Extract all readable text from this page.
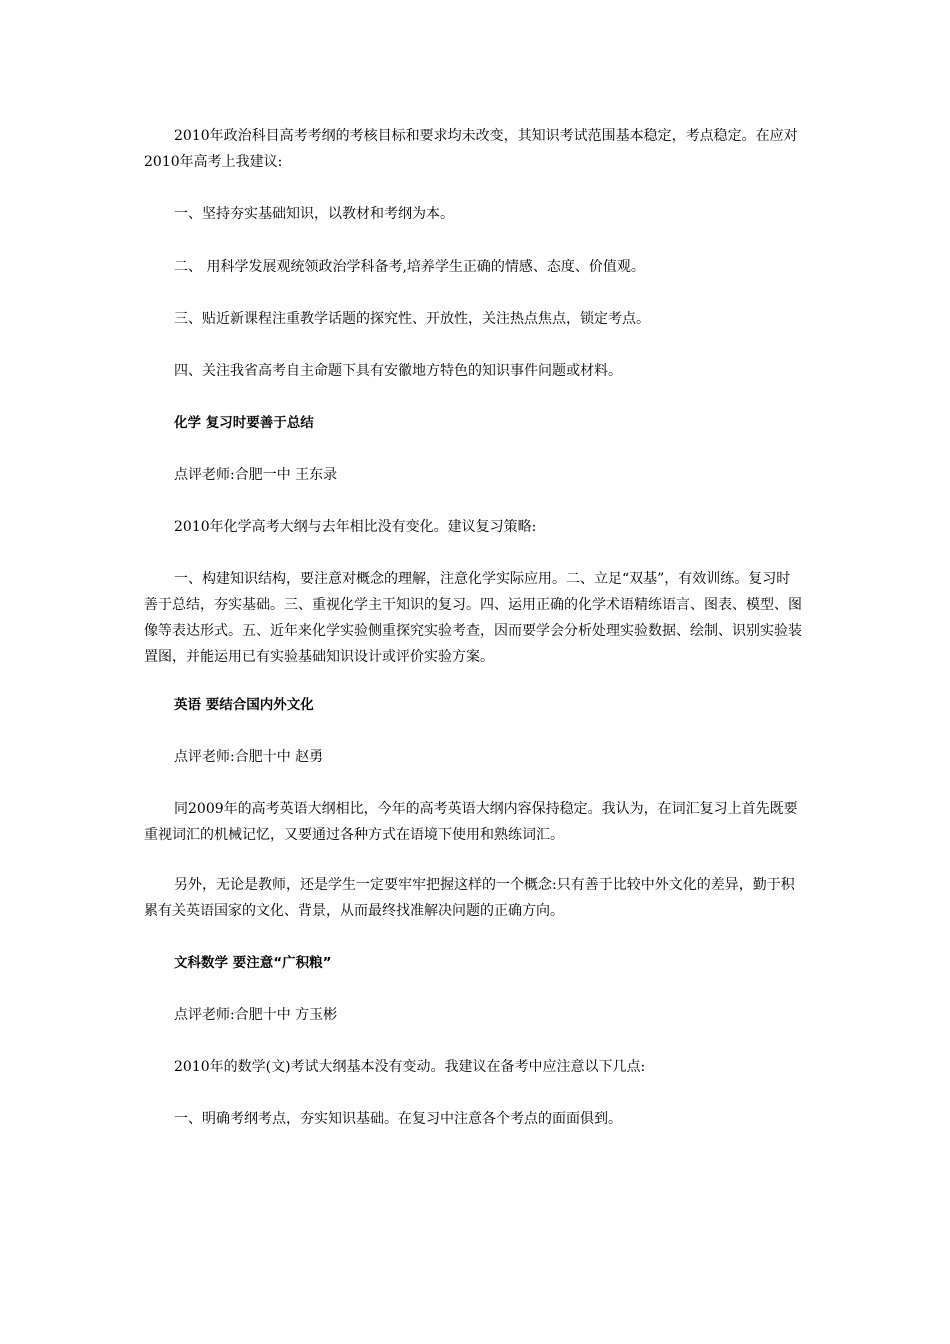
2010年政治科目高考考纲的考核目标和要求均未改变，其知识考试范围基本稳定，考点稳定。在应对2010年高考上我建议:

一、坚持夯实基础知识，以教材和考纲为本。

二、 用科学发展观统领政治学科备考,培养学生正确的情感、态度、价值观。

三、贴近新课程注重教学话题的探究性、开放性，关注热点焦点，锁定考点。

四、关注我省高考自主命题下具有安徽地方特色的知识事件问题或材料。

化学 复习时要善于总结

点评老师:合肥一中 王东录

2010年化学高考大纲与去年相比没有变化。建议复习策略:

一、构建知识结构，要注意对概念的理解，注意化学实际应用。二、立足“双基”，有效训练。复习时善于总结，夯实基础。三、重视化学主干知识的复习。四、运用正确的化学术语精练语言、图表、模型、图像等表达形式。五、近年来化学实验侧重探究实验考查，因而要学会分析处理实验数据、绘制、识别实验装置图，并能运用已有实验基础知识设计或评价实验方案。

英语 要结合国内外文化

点评老师:合肥十中 赵勇

同2009年的高考英语大纲相比，今年的高考英语大纲内容保持稳定。我认为，在词汇复习上首先既要重视词汇的机械记忆，又要通过各种方式在语境下使用和熟练词汇。

另外，无论是教师，还是学生一定要牢牢把握这样的一个概念:只有善于比较中外文化的差异，勤于积累有关英语国家的文化、背景，从而最终找准解决问题的正确方向。

文科数学 要注意“广积粮”

点评老师:合肥十中 方玉彬

2010年的数学(文)考试大纲基本没有变动。我建议在备考中应注意以下几点:

一、明确考纲考点，夯实知识基础。在复习中注意各个考点的面面俱到。
